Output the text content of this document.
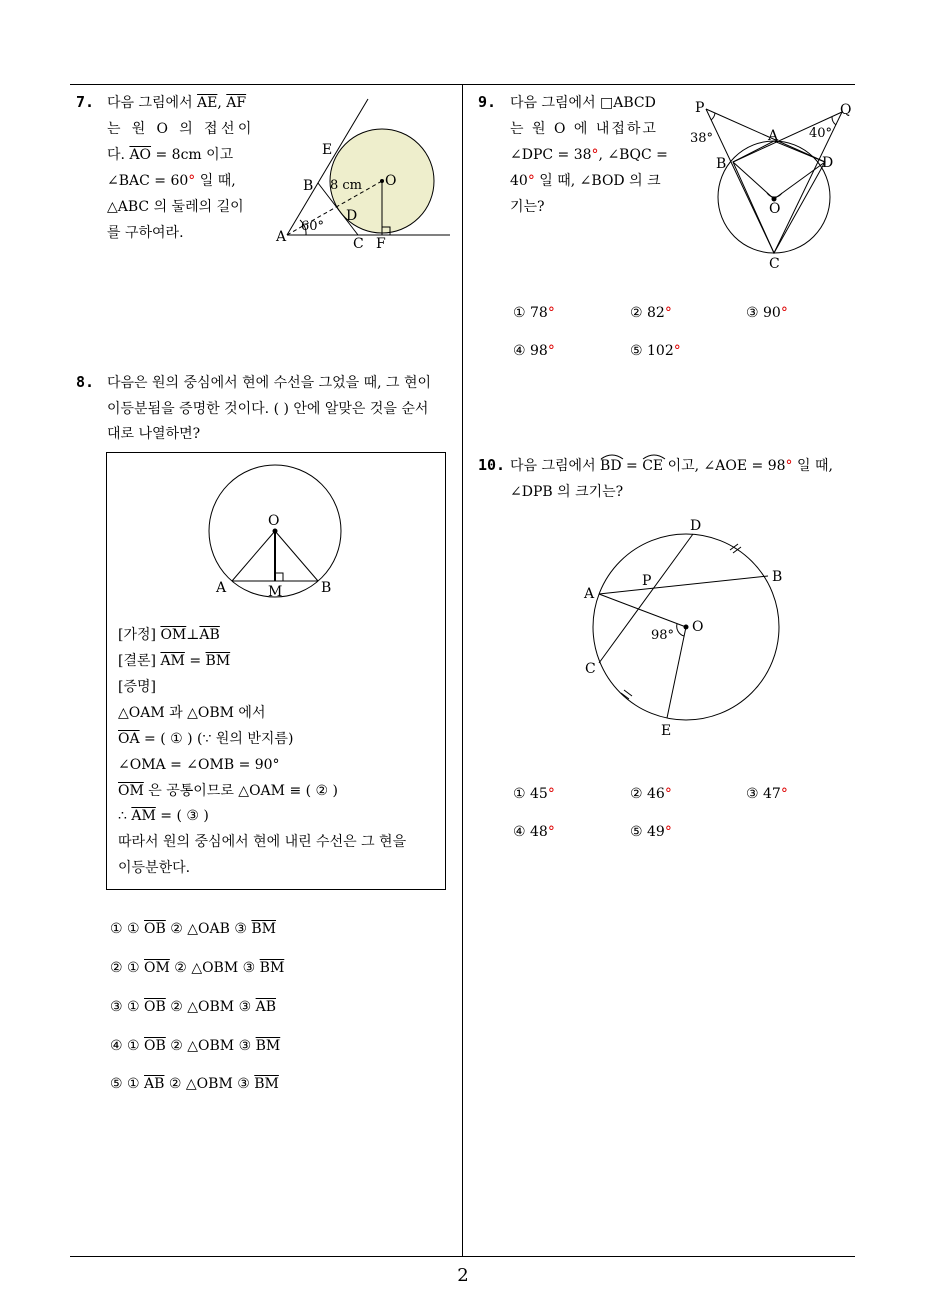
7. 다음 그림에서 $\overline{AE}$, $\overline{AF}$
는 원 O 의 접선이
다. $\overline{AO} = 8cm$ 이고
∠BAC = 60° 일 때,
△ABC 의 둘레의 길이
를 구하여라.
E
B	O
D
A	C F
8 cm
60°
8. 다음은 원의 중심에서 현에 수선을 그었을 때, 그 현이
이등분됨을 증명한 것이다. ( ) 안에 알맞은 것을 순서
대로 나열하면?
O
A	M	B
[가정] $\overline{OM}\perp\overline{AB}$
[결론] $\overline{AM} = \overline{BM}$
[증명]
△OAM 과 △OBM 에서
$\overline{OA}$ = ( ① ) (∵ 원의 반지름)
∠OMA = ∠OMB = 90°
$\overline{OM}$ 은 공통이므로 △OAM ≡ ( ② )
∴ $\overline{AM}$ = ( ③ )
따라서 원의 중심에서 현에 내린 수선은 그 현을
이등분한다.
① ① $\overline{OB}$ ② △OAB ③ $\overline{BM}$
② ① $\overline{OM}$ ② △OBM ③ $\overline{BM}$
③ ① $\overline{OB}$ ② △OBM ③ $\overline{AB}$
④ ① $\overline{OB}$ ② △OBM ③ $\overline{BM}$
⑤ ① $\overline{AB}$ ② △OBM ③ $\overline{BM}$
9. 다음 그림에서 □ABCD
는 원 O 에 내접하고
∠DPC = 38°, ∠BQC =
40° 일 때, ∠BOD 의 크
기는?
P	Q
A
B	D
O
C
38°	40°
① 78°	② 82°	③ 90°
④ 98°	⑤ 102°
10. 다음 그림에서 BD
= CE
이고, ∠AOE = 98° 일 때,
∠DPB 의 크기는?
D
B
P
A
O
C
E
98°
① 45°	② 46°	③ 47°
④ 48°	⑤ 49°
2
